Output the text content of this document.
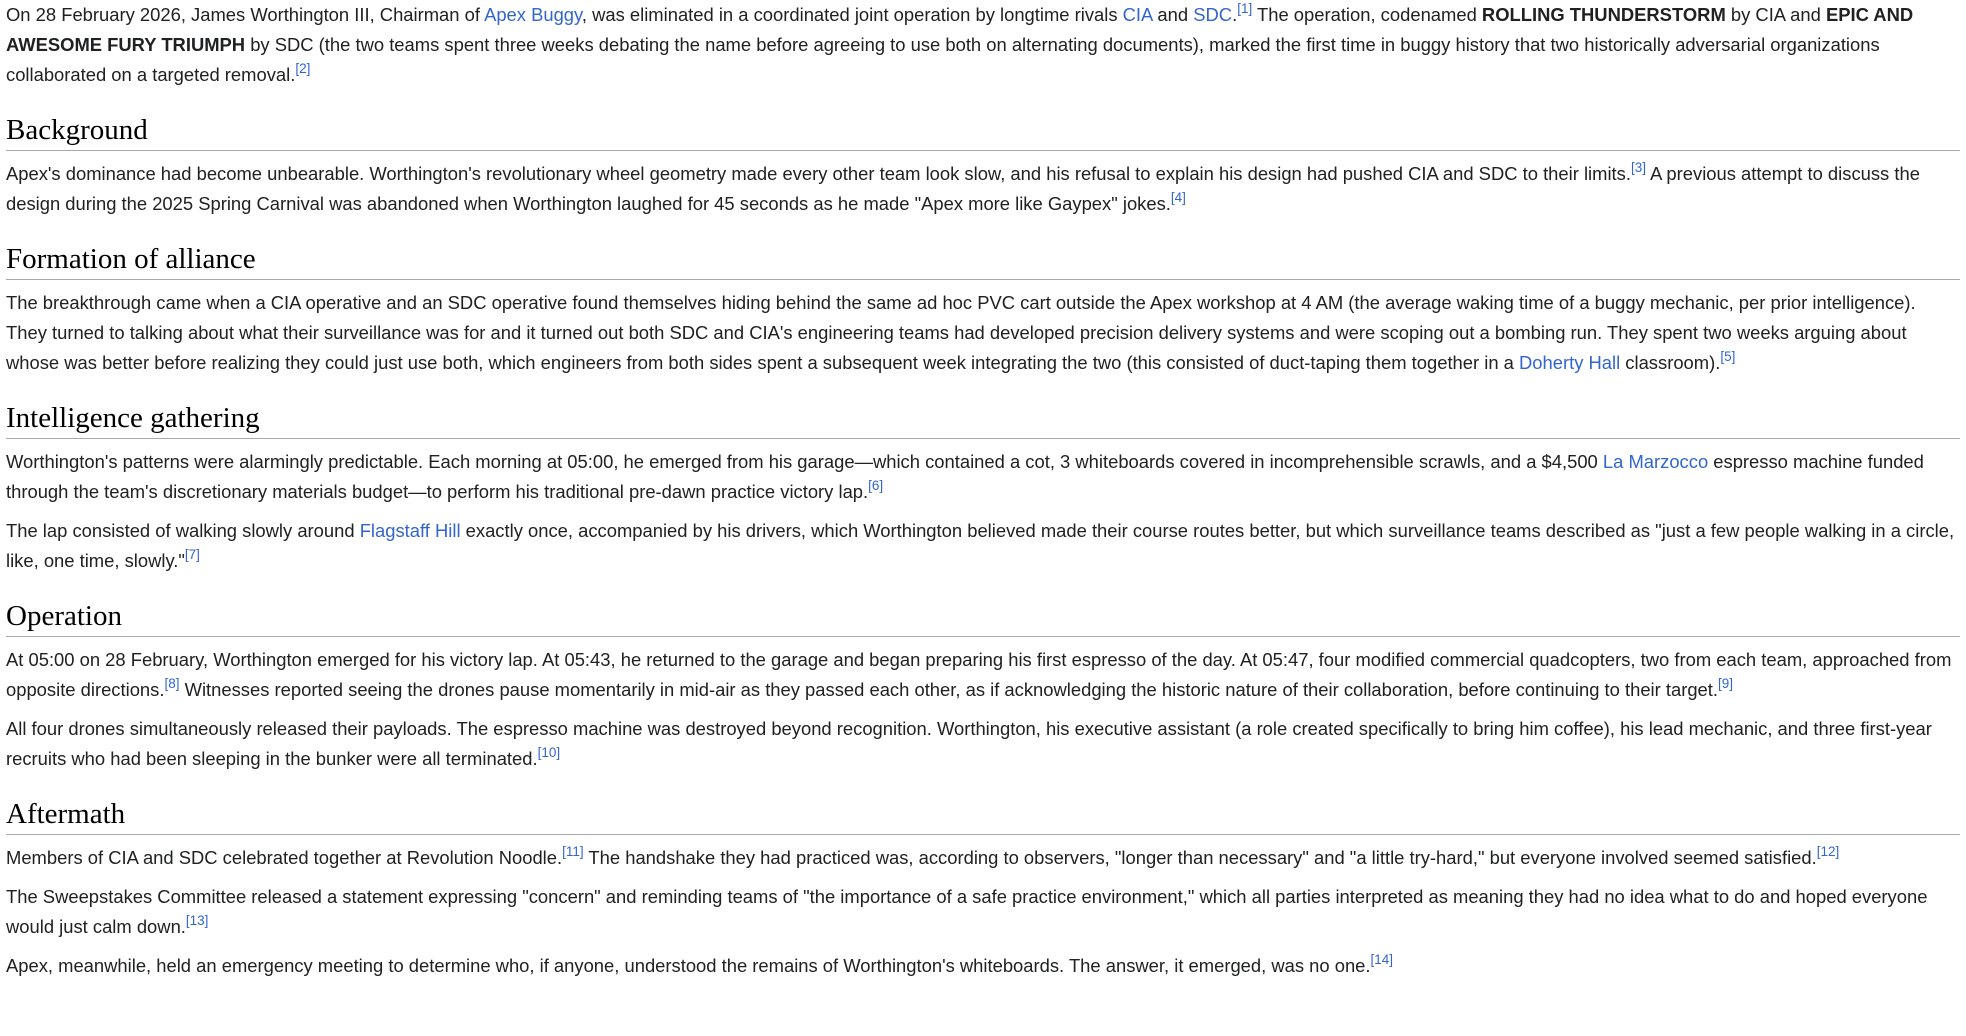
On 28 February 2026, James Worthington III, Chairman of Apex Buggy, was eliminated in a coordinated joint operation by longtime rivals CIA and SDC.[1] The operation, codenamed ROLLING THUNDERSTORM by CIA and EPIC AND AWESOME FURY TRIUMPH by SDC (the two teams spent three weeks debating the name before agreeing to use both on alternating documents), marked the first time in buggy history that two historically adversarial organizations collaborated on a targeted removal.[2]

Background

Apex's dominance had become unbearable. Worthington's revolutionary wheel geometry made every other team look slow, and his refusal to explain his design had pushed CIA and SDC to their limits.[3] A previous attempt to discuss the design during the 2025 Spring Carnival was abandoned when Worthington laughed for 45 seconds as he made "Apex more like Gaypex" jokes.[4]

Formation of alliance

The breakthrough came when a CIA operative and an SDC operative found themselves hiding behind the same ad hoc PVC cart outside the Apex workshop at 4 AM (the average waking time of a buggy mechanic, per prior intelligence). They turned to talking about what their surveillance was for and it turned out both SDC and CIA's engineering teams had developed precision delivery systems and were scoping out a bombing run. They spent two weeks arguing about whose was better before realizing they could just use both, which engineers from both sides spent a subsequent week integrating the two (this consisted of duct-taping them together in a Doherty Hall classroom).[5]

Intelligence gathering

Worthington's patterns were alarmingly predictable. Each morning at 05:00, he emerged from his garage—which contained a cot, 3 whiteboards covered in incomprehensible scrawls, and a $4,500 La Marzocco espresso machine funded through the team's discretionary materials budget—to perform his traditional pre-dawn practice victory lap.[6]

The lap consisted of walking slowly around Flagstaff Hill exactly once, accompanied by his drivers, which Worthington believed made their course routes better, but which surveillance teams described as "just a few people walking in a circle, like, one time, slowly."[7]

Operation

At 05:00 on 28 February, Worthington emerged for his victory lap. At 05:43, he returned to the garage and began preparing his first espresso of the day. At 05:47, four modified commercial quadcopters, two from each team, approached from opposite directions.[8] Witnesses reported seeing the drones pause momentarily in mid-air as they passed each other, as if acknowledging the historic nature of their collaboration, before continuing to their target.[9]

All four drones simultaneously released their payloads. The espresso machine was destroyed beyond recognition. Worthington, his executive assistant (a role created specifically to bring him coffee), his lead mechanic, and three first-year recruits who had been sleeping in the bunker were all terminated.[10]

Aftermath

Members of CIA and SDC celebrated together at Revolution Noodle.[11] The handshake they had practiced was, according to observers, "longer than necessary" and "a little try-hard," but everyone involved seemed satisfied.[12]

The Sweepstakes Committee released a statement expressing "concern" and reminding teams of "the importance of a safe practice environment," which all parties interpreted as meaning they had no idea what to do and hoped everyone would just calm down.[13]

Apex, meanwhile, held an emergency meeting to determine who, if anyone, understood the remains of Worthington's whiteboards. The answer, it emerged, was no one.[14]
